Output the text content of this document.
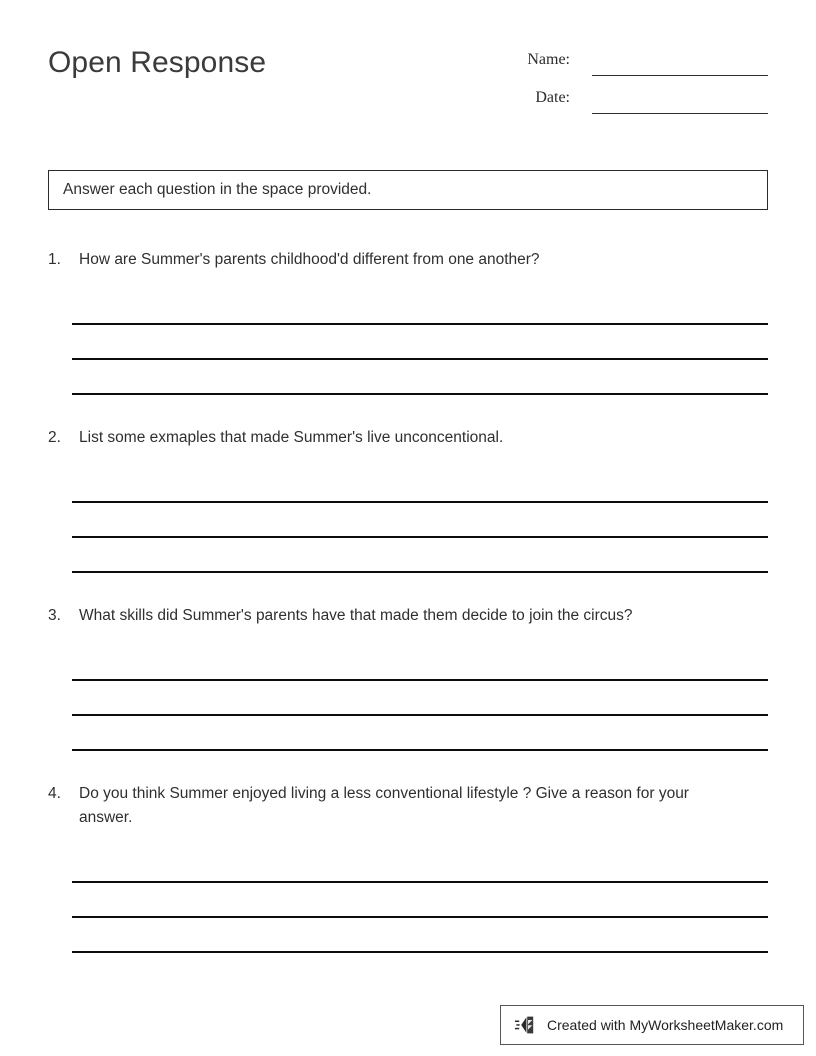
Open Response	Name:
Date:
Answer each question in the space provided.
1.	How are Summer's parents childhood'd different from one another?
2.	List some exmaples that made Summer's live unconcentional.
3.	What skills did Summer's parents have that made them decide to join the circus?
4.	Do you think Summer enjoyed living a less conventional lifestyle ? Give a reason for your answer.
Created with MyWorksheetMaker.com
